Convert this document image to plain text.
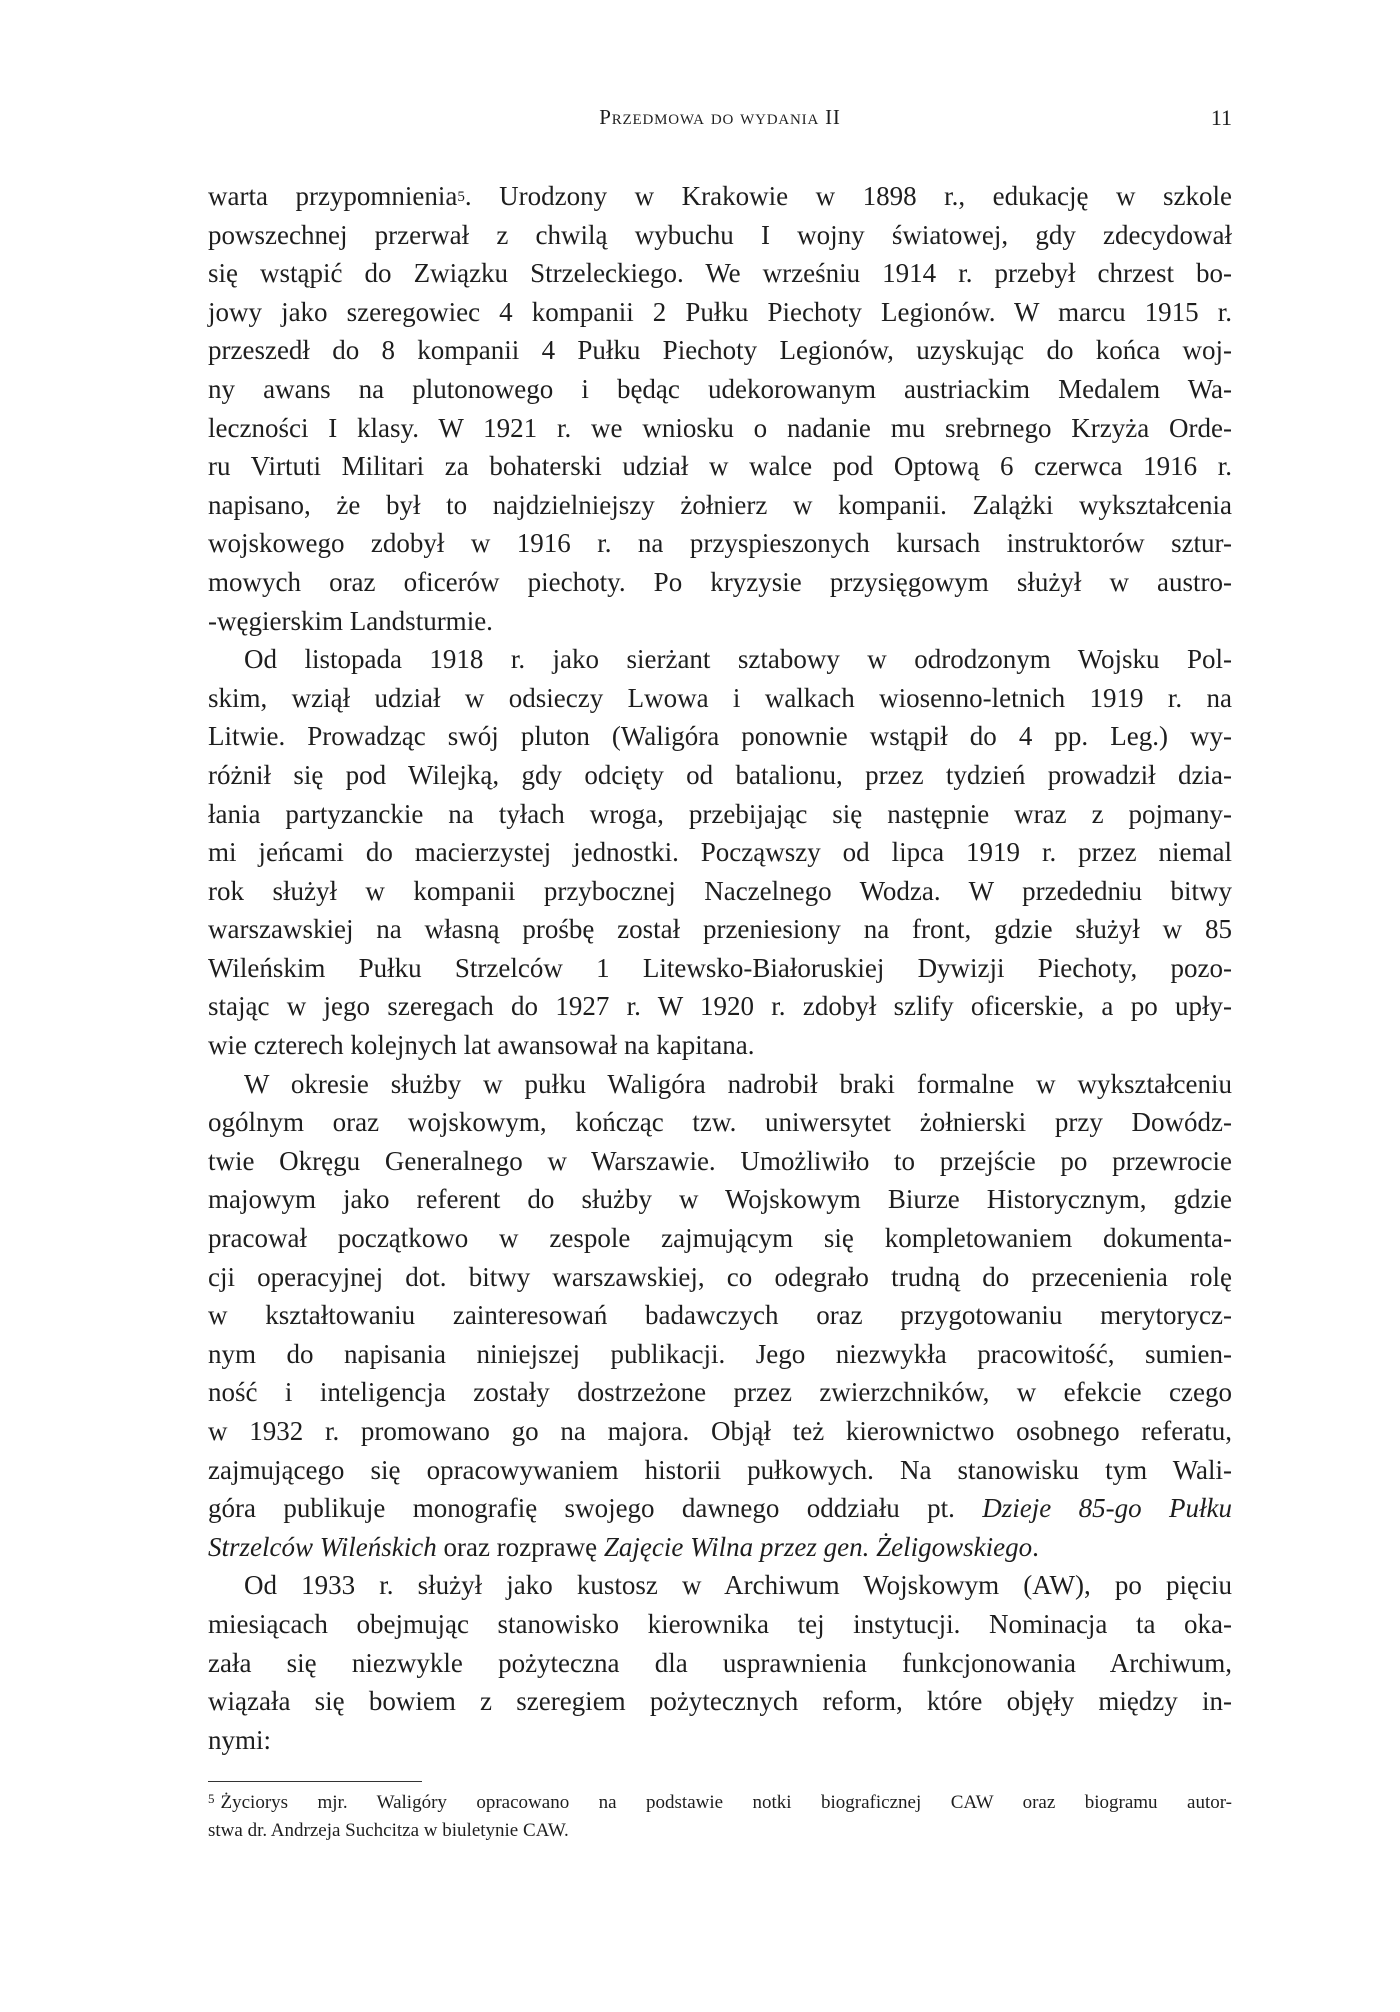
Przedmowa do wydania II	11
warta przypomnienia$^5$. Urodzony w Krakowie w 1898 r., edukację w szkole
powszechnej przerwał z chwilą wybuchu I wojny światowej, gdy zdecydował
się wstąpić do Związku Strzeleckiego. We wrześniu 1914 r. przebył chrzest bo-
jowy jako szeregowiec 4 kompanii 2 Pułku Piechoty Legionów. W marcu 1915 r.
przeszedł do 8 kompanii 4 Pułku Piechoty Legionów, uzyskując do końca woj-
ny awans na plutonowego i będąc udekorowanym austriackim Medalem Wa-
leczności I klasy. W 1921 r. we wniosku o nadanie mu srebrnego Krzyża Orde-
ru Virtuti Militari za bohaterski udział w walce pod Optową 6 czerwca 1916 r.
napisano, że był to najdzielniejszy żołnierz w kompanii. Zalążki wykształcenia
wojskowego zdobył w 1916 r. na przyspieszonych kursach instruktorów sztur-
mowych oraz oficerów piechoty. Po kryzysie przysięgowym służył w austro-
-węgierskim Landsturmie.
Od listopada 1918 r. jako sierżant sztabowy w odrodzonym Wojsku Pol-
skim, wziął udział w odsieczy Lwowa i walkach wiosenno-letnich 1919 r. na
Litwie. Prowadząc swój pluton (Waligóra ponownie wstąpił do 4 pp. Leg.) wy-
różnił się pod Wilejką, gdy odcięty od batalionu, przez tydzień prowadził dzia-
łania partyzanckie na tyłach wroga, przebijając się następnie wraz z pojmany-
mi jeńcami do macierzystej jednostki. Począwszy od lipca 1919 r. przez niemal
rok służył w kompanii przybocznej Naczelnego Wodza. W przededniu bitwy
warszawskiej na własną prośbę został przeniesiony na front, gdzie służył w 85
Wileńskim Pułku Strzelców 1 Litewsko-Białoruskiej Dywizji Piechoty, pozo-
stając w jego szeregach do 1927 r. W 1920 r. zdobył szlify oficerskie, a po upły-
wie czterech kolejnych lat awansował na kapitana.
W okresie służby w pułku Waligóra nadrobił braki formalne w wykształceniu
ogólnym oraz wojskowym, kończąc tzw. uniwersytet żołnierski przy Dowódz-
twie Okręgu Generalnego w Warszawie. Umożliwiło to przejście po przewrocie
majowym jako referent do służby w Wojskowym Biurze Historycznym, gdzie
pracował początkowo w zespole zajmującym się kompletowaniem dokumenta-
cji operacyjnej dot. bitwy warszawskiej, co odegrało trudną do przecenienia rolę
w kształtowaniu zainteresowań badawczych oraz przygotowaniu merytorycz-
nym do napisania niniejszej publikacji. Jego niezwykła pracowitość, sumien-
ność i inteligencja zostały dostrzeżone przez zwierzchników, w efekcie czego
w 1932 r. promowano go na majora. Objął też kierownictwo osobnego referatu,
zajmującego się opracowywaniem historii pułkowych. Na stanowisku tym Wali-
góra publikuje monografię swojego dawnego oddziału pt. Dzieje 85-go Pułku
Strzelców Wileńskich oraz rozprawę Zajęcie Wilna przez gen. Żeligowskiego.
Od 1933 r. służył jako kustosz w Archiwum Wojskowym (AW), po pięciu
miesiącach obejmując stanowisko kierownika tej instytucji. Nominacja ta oka-
zała się niezwykle pożyteczna dla usprawnienia funkcjonowania Archiwum,
wiązała się bowiem z szeregiem pożytecznych reform, które objęły między in-
nymi:
$^5$ Życiorys mjr. Waligóry opracowano na podstawie notki biograficznej CAW oraz biogramu autor-
stwa dr. Andrzeja Suchcitza w biuletynie CAW.
